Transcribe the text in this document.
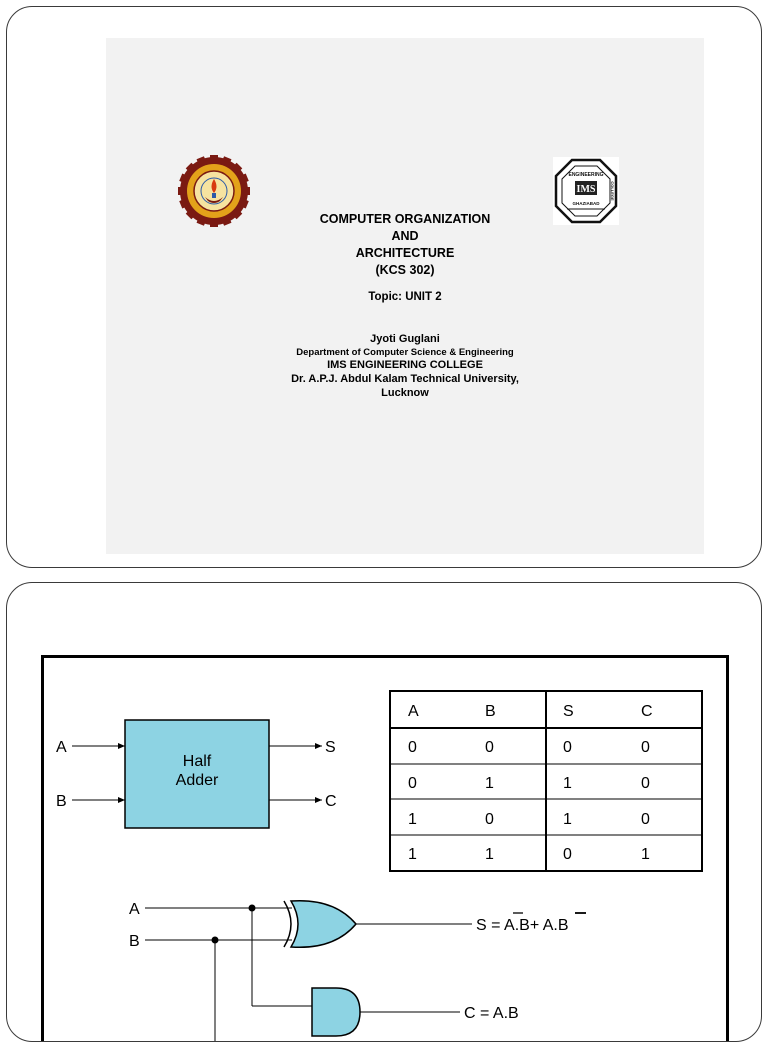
IMS
ENGINEERING
GHAZIABAD
COLLEGE
COMPUTER ORGANIZATION
AND
ARCHITECTURE
(KCS 302)
Topic: UNIT 2
Jyoti Guglani
Department of Computer Science & Engineering
IMS ENGINEERING COLLEGE
Dr. A.P.J. Abdul Kalam Technical University,
Lucknow
Half
Adder
A
B
S
C
A	B	S	C
0	0	0	0
0	1	1	0
1	0	1	0
1	1	0	1
A
B
S = A.B+ A.B
C = A.B
